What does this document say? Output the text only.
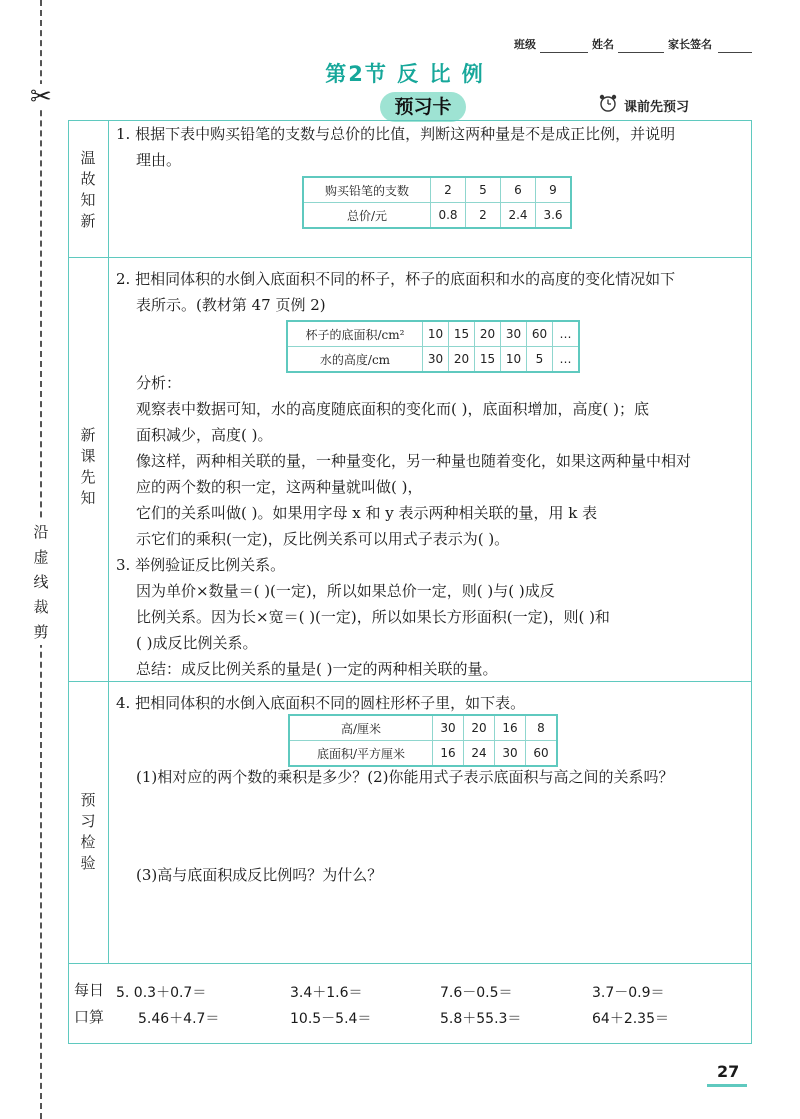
✂
沿
虚
线
裁
剪
班级	姓名	家长签名
第2节 反 比 例
预习卡	课前先预习
温故知新
新课先知
预习检验
每日
口算
1. 根据下表中购买铅笔的支数与总价的比值，判断这两种量是不是成正比例，并说明
理由。
购买铅笔的支数	2	5	6	9
总价/元	0.8	2	2.4	3.6
2. 把相同体积的水倒入底面积不同的杯子，杯子的底面积和水的高度的变化情况如下
表所示。(教材第 47 页例 2)
杯子的底面积/cm²	10	15	20	30	60	…
水的高度/cm	30	20	15	10	5	…
分析：
观察表中数据可知，水的高度随底面积的变化而( )，底面积增加，高度( )；底
面积减少，高度( )。
像这样，两种相关联的量，一种量变化，另一种量也随着变化，如果这两种量中相对
应的两个数的积一定，这两种量就叫做( )，
它们的关系叫做( )。如果用字母 x 和 y 表示两种相关联的量，用 k 表
示它们的乘积(一定)，反比例关系可以用式子表示为( )。
3. 举例验证反比例关系。
因为单价×数量＝( )(一定)，所以如果总价一定，则( )与( )成反
比例关系。因为长×宽＝( )(一定)，所以如果长方形面积(一定)，则( )和
( )成反比例关系。
总结：成反比例关系的量是( )一定的两种相关联的量。
4. 把相同体积的水倒入底面积不同的圆柱形杯子里，如下表。
高/厘米	30	20	16	8
底面积/平方厘米	16	24	30	60
(1)相对应的两个数的乘积是多少？(2)你能用式子表示底面积与高之间的关系吗？
(3)高与底面积成反比例吗？为什么？
5. 0.3＋0.7＝	3.4＋1.6＝	7.6－0.5＝	3.7－0.9＝
5.46＋4.7＝	10.5－5.4＝	5.8＋55.3＝	64＋2.35＝
27
